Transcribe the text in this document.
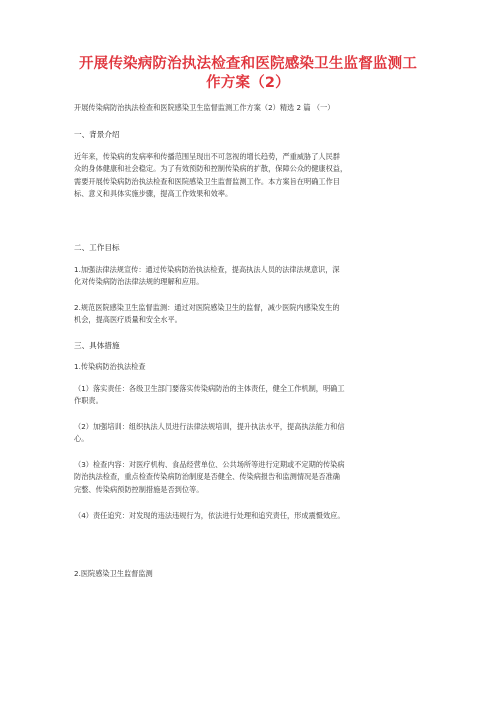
开展传染病防治执法检查和医院感染卫生监督监测工
作方案（2）
开展传染病防治执法检查和医院感染卫生监督监测工作方案（2）精选 2 篇 （一）
一、背景介绍
近年来，传染病的发病率和传播范围呈现出不可忽视的增长趋势，严重威胁了人民群
众的身体健康和社会稳定。为了有效预防和控制传染病的扩散，保障公众的健康权益，
需要开展传染病防治执法检查和医院感染卫生监督监测工作。本方案旨在明确工作目
标、意义和具体实施步骤，提高工作效果和效率。
二、工作目标
1.加强法律法规宣传：通过传染病防治执法检查，提高执法人员的法律法规意识，深
化对传染病防治法律法规的理解和应用。
2.规范医院感染卫生监督监测：通过对医院感染卫生的监督，减少医院内感染发生的
机会，提高医疗质量和安全水平。
三、具体措施
1.传染病防治执法检查
（1）落实责任：各级卫生部门要落实传染病防治的主体责任，健全工作机制，明确工
作职责。
（2）加强培训：组织执法人员进行法律法规培训，提升执法水平，提高执法能力和信
心。
（3）检查内容：对医疗机构、食品经营单位、公共场所等进行定期或不定期的传染病
防治执法检查，重点检查传染病防治制度是否健全、传染病报告和监测情况是否准确
完整、传染病预防控制措施是否到位等。
（4）责任追究：对发现的违法违规行为，依法进行处理和追究责任，形成震慑效应。
2.医院感染卫生监督监测
